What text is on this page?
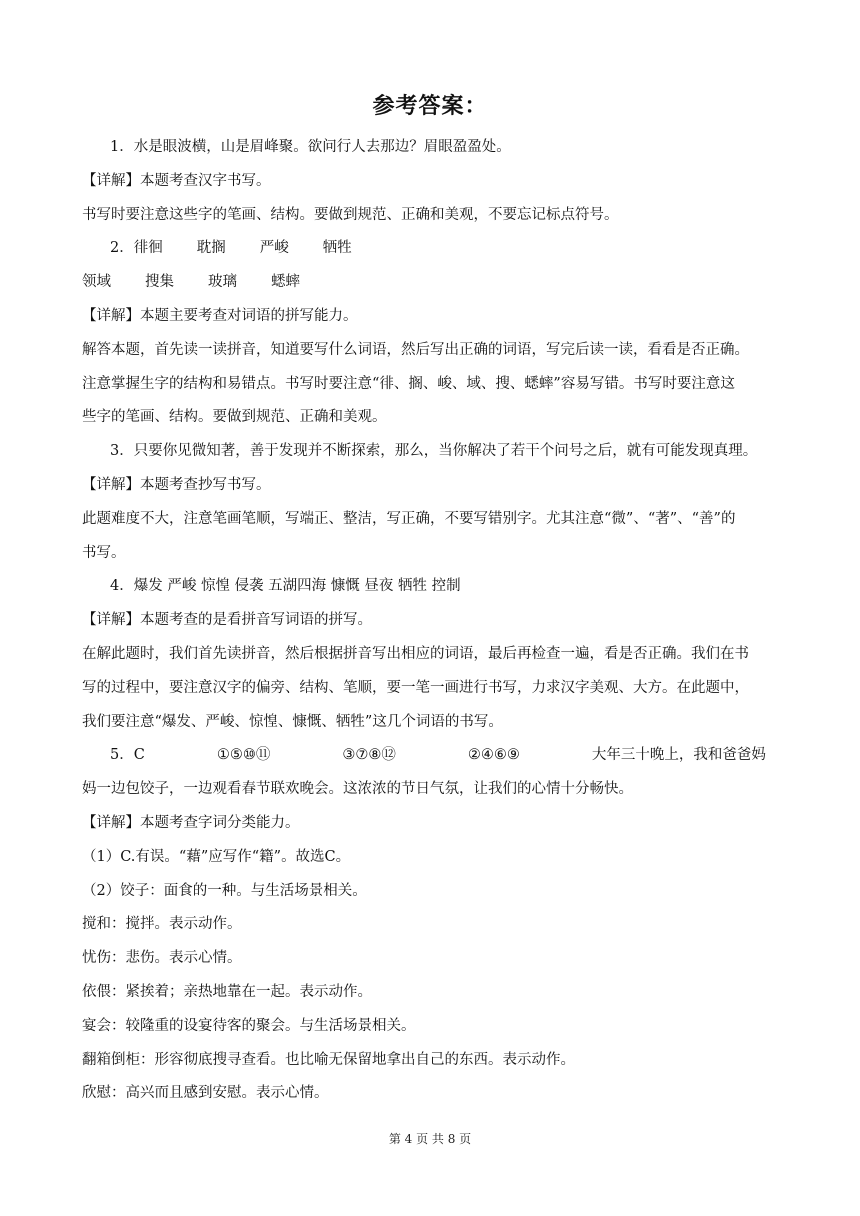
参考答案：
1．水是眼波横，山是眉峰聚。欲问行人去那边？眉眼盈盈处。
【详解】本题考查汉字书写。
书写时要注意这些字的笔画、结构。要做到规范、正确和美观，不要忘记标点符号。
2．徘徊 耽搁 严峻 牺牲
领域 搜集 玻璃 蟋蟀
【详解】本题主要考查对词语的拼写能力。
解答本题，首先读一读拼音，知道要写什么词语，然后写出正确的词语，写完后读一读，看看是否正确。
注意掌握生字的结构和易错点。书写时要注意“徘、搁、峻、域、搜、蟋蟀”容易写错。书写时要注意这
些字的笔画、结构。要做到规范、正确和美观。
3．只要你见微知著，善于发现并不断探索，那么，当你解决了若干个问号之后，就有可能发现真理。
【详解】本题考查抄写书写。
此题难度不大，注意笔画笔顺，写端正、整洁，写正确，不要写错别字。尤其注意“微”、“著”、“善”的
书写。
4．爆发 严峻 惊惶 侵袭 五湖四海 慷慨 昼夜 牺牲 控制
【详解】本题考查的是看拼音写词语的拼写。
在解此题时，我们首先读拼音，然后根据拼音写出相应的词语，最后再检查一遍，看是否正确。我们在书
写的过程中，要注意汉字的偏旁、结构、笔顺，要一笔一画进行书写，力求汉字美观、大方。在此题中，
我们要注意“爆发、严峻、惊惶、慷慨、牺牲”这几个词语的书写。
5．C	①⑤⑩⑪	③⑦⑧⑫	②④⑥⑨	大年三十晚上，我和爸爸妈
妈一边包饺子，一边观看春节联欢晚会。这浓浓的节日气氛，让我们的心情十分畅快。
【详解】本题考查字词分类能力。
（1）C.有误。“藉”应写作“籍”。故选C。
（2）饺子：面食的一种。与生活场景相关。
搅和：搅拌。表示动作。
忧伤：悲伤。表示心情。
依偎：紧挨着；亲热地靠在一起。表示动作。
宴会：较隆重的设宴待客的聚会。与生活场景相关。
翻箱倒柜：形容彻底搜寻查看。也比喻无保留地拿出自己的东西。表示动作。
欣慰：高兴而且感到安慰。表示心情。
第 4 页 共 8 页
